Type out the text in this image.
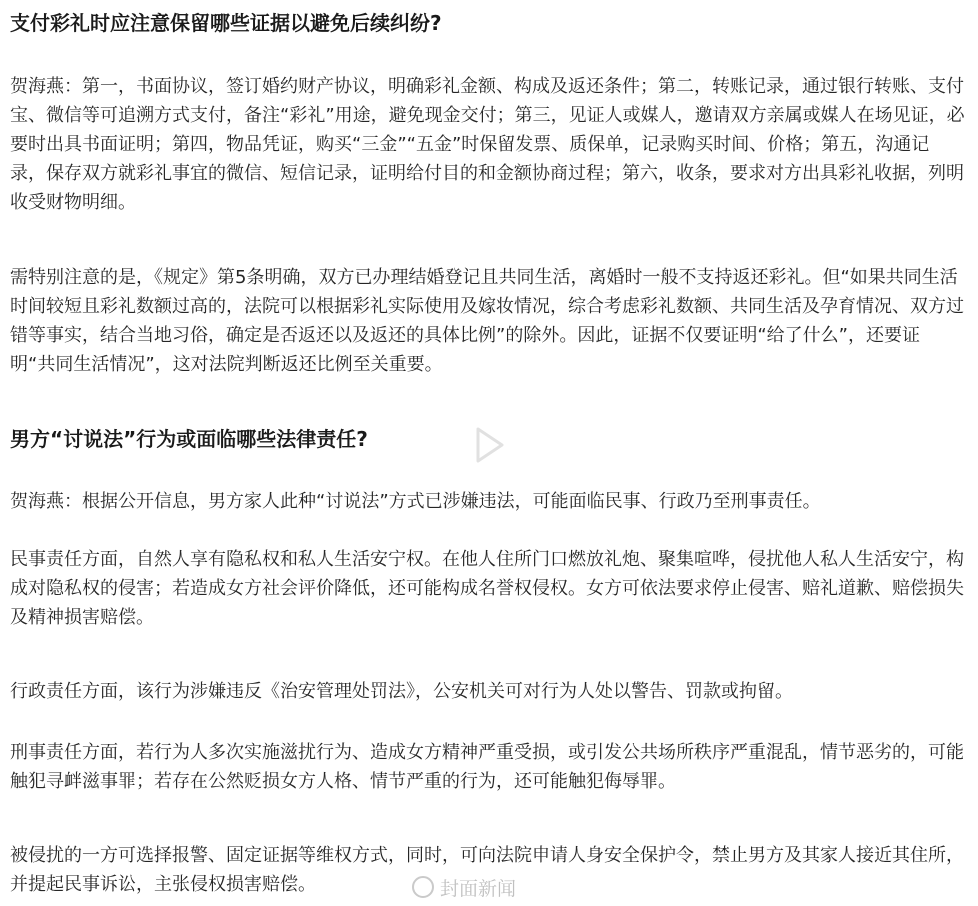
支付彩礼时应注意保留哪些证据以避免后续纠纷?

贺海燕：第一，书面协议，签订婚约财产协议，明确彩礼金额、构成及返还条件；第二，转账记录，通过银行转账、支付宝、微信等可追溯方式支付，备注“彩礼”用途，避免现金交付；第三，见证人或媒人，邀请双方亲属或媒人在场见证，必要时出具书面证明；第四，物品凭证，购买“三金”“五金”时保留发票、质保单，记录购买时间、价格；第五，沟通记录，保存双方就彩礼事宜的微信、短信记录，证明给付目的和金额协商过程；第六，收条，要求对方出具彩礼收据，列明收受财物明细。

需特别注意的是，《规定》第5条明确，双方已办理结婚登记且共同生活，离婚时一般不支持返还彩礼。但“如果共同生活时间较短且彩礼数额过高的，法院可以根据彩礼实际使用及嫁妆情况，综合考虑彩礼数额、共同生活及孕育情况、双方过错等事实，结合当地习俗，确定是否返还以及返还的具体比例”的除外。因此，证据不仅要证明“给了什么”，还要证明“共同生活情况”，这对法院判断返还比例至关重要。

男方“讨说法”行为或面临哪些法律责任?

贺海燕：根据公开信息，男方家人此种“讨说法”方式已涉嫌违法，可能面临民事、行政乃至刑事责任。

民事责任方面，自然人享有隐私权和私人生活安宁权。在他人住所门口燃放礼炮、聚集喧哗，侵扰他人私人生活安宁，构成对隐私权的侵害；若造成女方社会评价降低，还可能构成名誉权侵权。女方可依法要求停止侵害、赔礼道歉、赔偿损失及精神损害赔偿。

行政责任方面，该行为涉嫌违反《治安管理处罚法》，公安机关可对行为人处以警告、罚款或拘留。

刑事责任方面，若行为人多次实施滋扰行为、造成女方精神严重受损，或引发公共场所秩序严重混乱，情节恶劣的，可能触犯寻衅滋事罪；若存在公然贬损女方人格、情节严重的行为，还可能触犯侮辱罪。

被侵扰的一方可选择报警、固定证据等维权方式，同时，可向法院申请人身安全保护令，禁止男方及其家人接近其住所，并提起民事诉讼，主张侵权损害赔偿。	封面新闻
